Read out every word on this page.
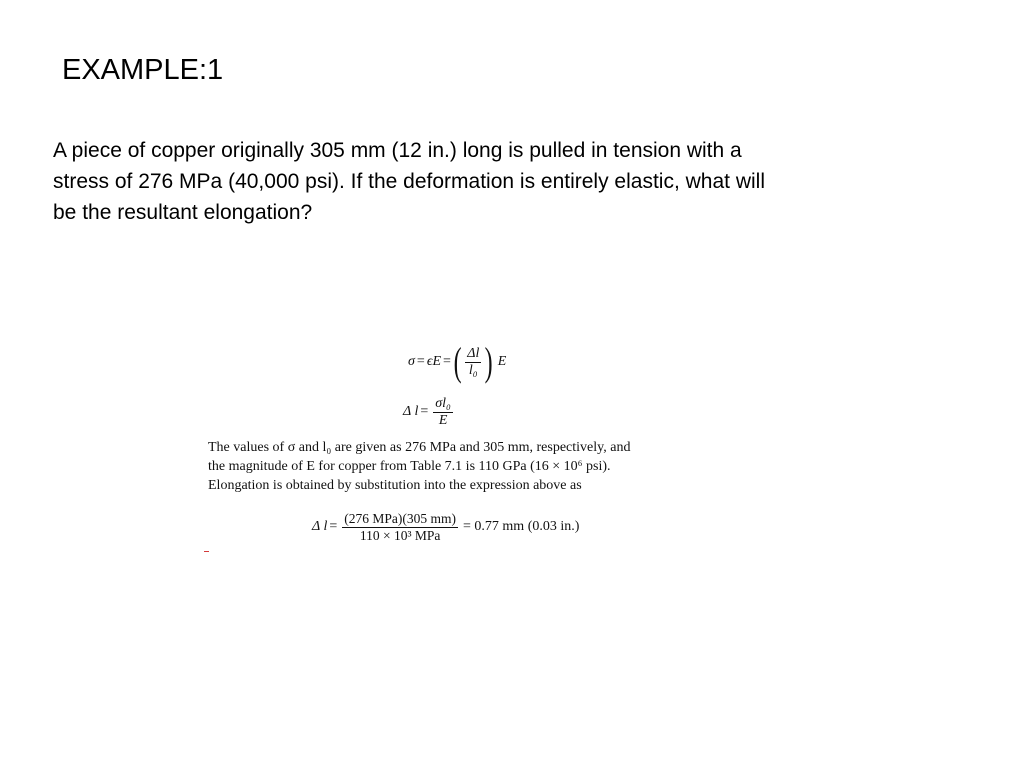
EXAMPLE:1
A piece of copper originally 305 mm (12 in.) long is pulled in tension with a
stress of 276 MPa (40,000 psi). If the deformation is entirely elastic, what will
be the resultant elongation?
σ = ϵE = ( $\frac{\Delta l}{\text{l₀}}$ ) E
Δ $l = \frac{\text{σl₀}}{E}$
The values of σ and l₀ are given as 276 MPa and 305 mm, respectively, and
the magnitude of E for copper from Table 7.1 is 110 GPa (16 × 10⁶ psi).
Elongation is obtained by substitution into the expression above as
Δ $l = \frac{\text{(276 MPa)(305 mm)}}{\text{110 × 10³ MPa}} = 0.77$ mm (0.03 in.)
